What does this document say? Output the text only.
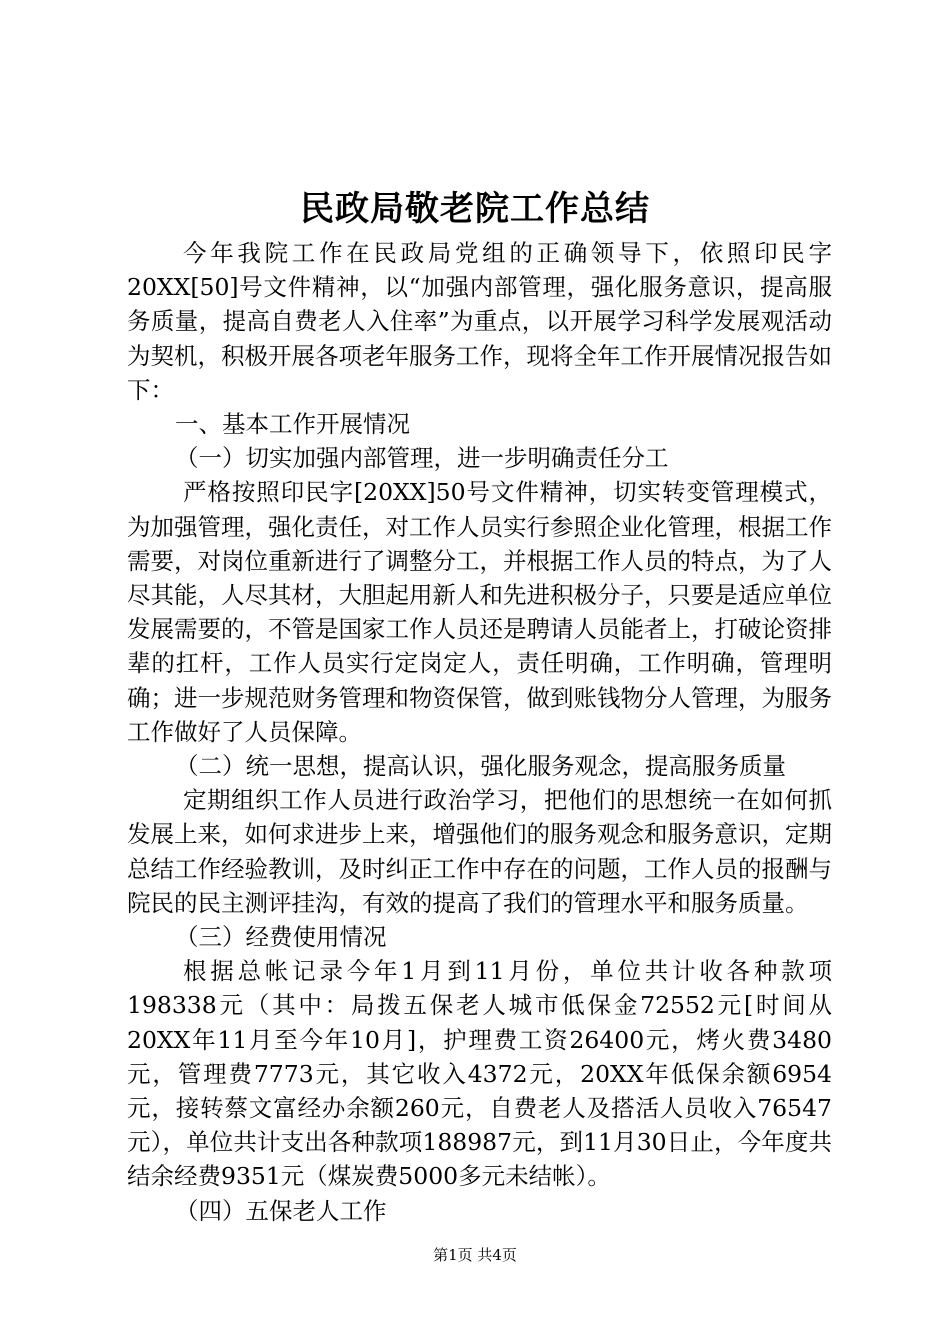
民政局敬老院工作总结

今年我院工作在民政局党组的正确领导下，依照印民字20XX[50]号文件精神，以“加强内部管理，强化服务意识，提高服务质量，提高自费老人入住率”为重点，以开展学习科学发展观活动为契机，积极开展各项老年服务工作，现将全年工作开展情况报告如下：

一、基本工作开展情况

（一）切实加强内部管理，进一步明确责任分工

严格按照印民字[20XX]50号文件精神，切实转变管理模式，为加强管理，强化责任，对工作人员实行参照企业化管理，根据工作需要，对岗位重新进行了调整分工，并根据工作人员的特点，为了人尽其能，人尽其材，大胆起用新人和先进积极分子，只要是适应单位发展需要的，不管是国家工作人员还是聘请人员能者上，打破论资排辈的扛杆，工作人员实行定岗定人，责任明确，工作明确，管理明确；进一步规范财务管理和物资保管，做到账钱物分人管理，为服务工作做好了人员保障。

（二）统一思想，提高认识，强化服务观念，提高服务质量

定期组织工作人员进行政治学习，把他们的思想统一在如何抓发展上来，如何求进步上来，增强他们的服务观念和服务意识，定期总结工作经验教训，及时纠正工作中存在的问题，工作人员的报酬与院民的民主测评挂沟，有效的提高了我们的管理水平和服务质量。

（三）经费使用情况

根据总帐记录今年1月到11月份，单位共计收各种款项198338元（其中：局拨五保老人城市低保金72552元[时间从20XX年11月至今年10月]，护理费工资26400元，烤火费3480元，管理费7773元，其它收入4372元，20XX年低保余额6954元，接转蔡文富经办余额260元，自费老人及搭活人员收入76547元），单位共计支出各种款项188987元，到11月30日止，今年度共结余经费9351元（煤炭费5000多元未结帐）。

（四）五保老人工作

第1页 共4页
